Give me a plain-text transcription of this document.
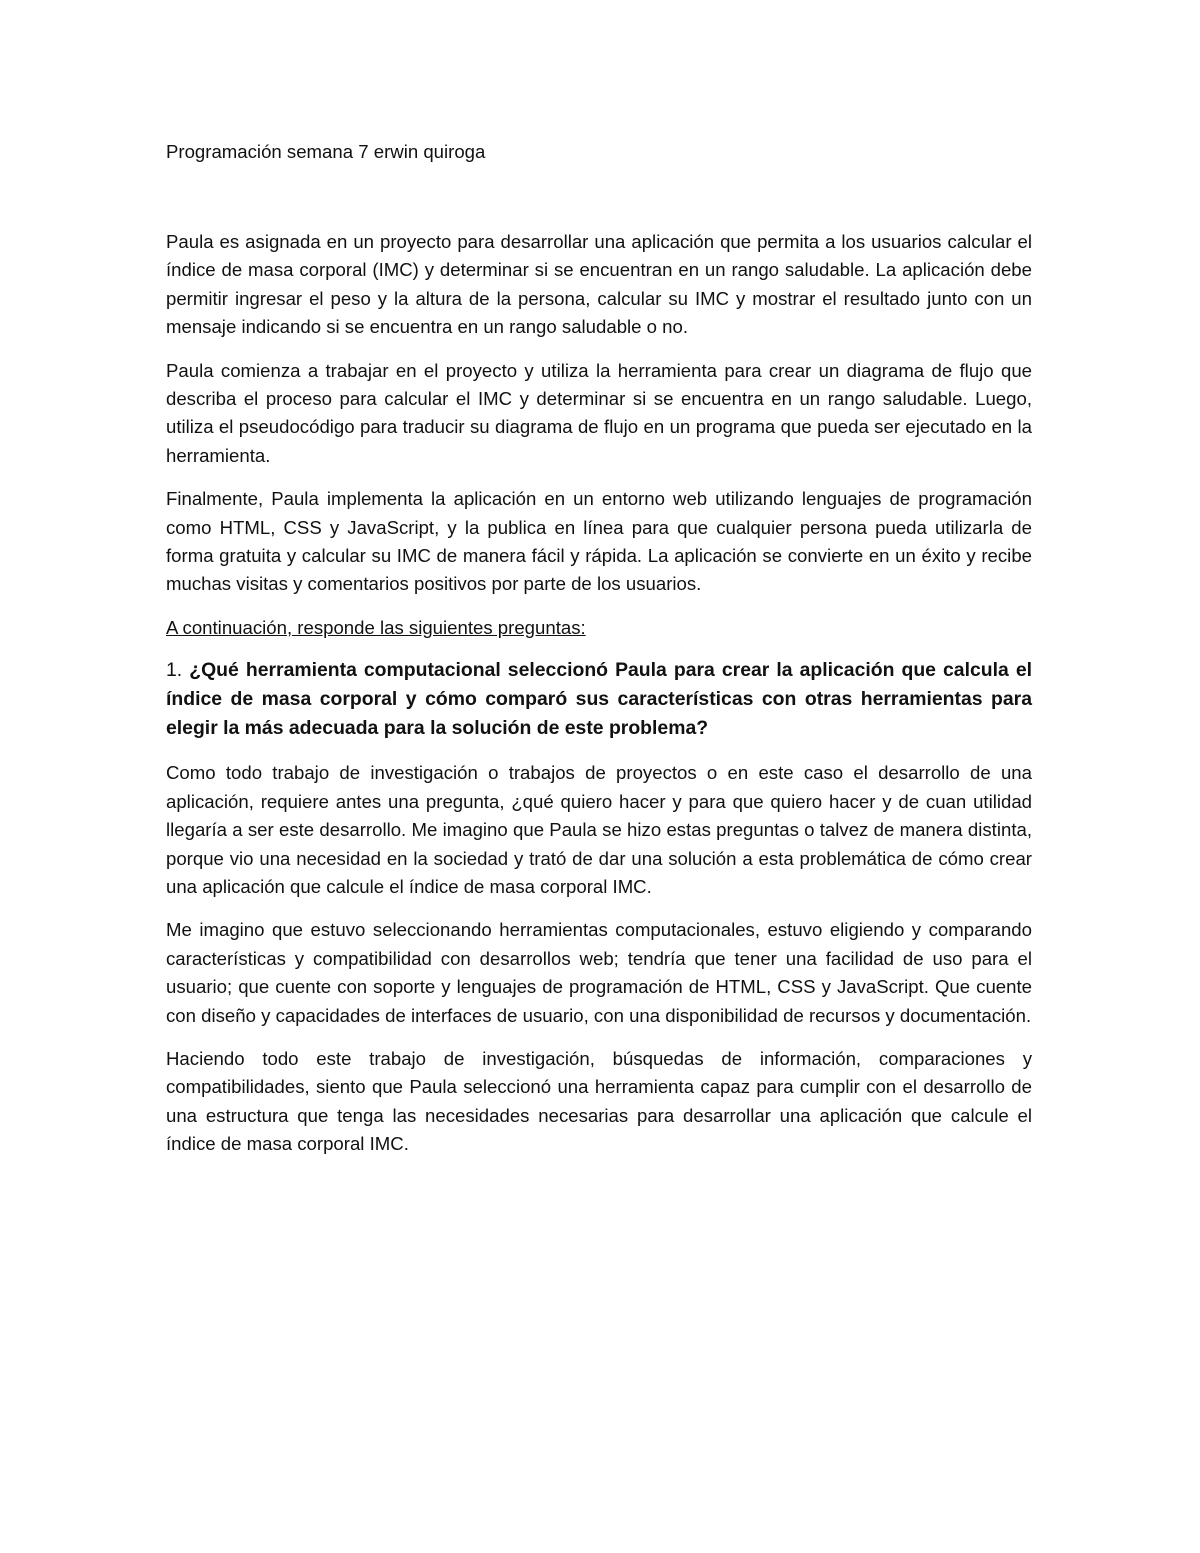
Programación semana 7 erwin quiroga

Paula es asignada en un proyecto para desarrollar una aplicación que permita a los usuarios calcular el índice de masa corporal (IMC) y determinar si se encuentran en un rango saludable. La aplicación debe permitir ingresar el peso y la altura de la persona, calcular su IMC y mostrar el resultado junto con un mensaje indicando si se encuentra en un rango saludable o no.

Paula comienza a trabajar en el proyecto y utiliza la herramienta para crear un diagrama de flujo que describa el proceso para calcular el IMC y determinar si se encuentra en un rango saludable. Luego, utiliza el pseudocódigo para traducir su diagrama de flujo en un programa que pueda ser ejecutado en la herramienta.

Finalmente, Paula implementa la aplicación en un entorno web utilizando lenguajes de programación como HTML, CSS y JavaScript, y la publica en línea para que cualquier persona pueda utilizarla de forma gratuita y calcular su IMC de manera fácil y rápida. La aplicación se convierte en un éxito y recibe muchas visitas y comentarios positivos por parte de los usuarios.

A continuación, responde las siguientes preguntas:

1. ¿Qué herramienta computacional seleccionó Paula para crear la aplicación que calcula el índice de masa corporal y cómo comparó sus características con otras herramientas para elegir la más adecuada para la solución de este problema?

Como todo trabajo de investigación o trabajos de proyectos o en este caso el desarrollo de una aplicación, requiere antes una pregunta, ¿qué quiero hacer y para que quiero hacer y de cuan utilidad llegaría a ser este desarrollo. Me imagino que Paula se hizo estas preguntas o talvez de manera distinta, porque vio una necesidad en la sociedad y trató de dar una solución a esta problemática de cómo crear una aplicación que calcule el índice de masa corporal IMC.

Me imagino que estuvo seleccionando herramientas computacionales, estuvo eligiendo y comparando características y compatibilidad con desarrollos web; tendría que tener una facilidad de uso para el usuario; que cuente con soporte y lenguajes de programación de HTML, CSS y JavaScript. Que cuente con diseño y capacidades de interfaces de usuario, con una disponibilidad de recursos y documentación.

Haciendo todo este trabajo de investigación, búsquedas de información, comparaciones y compatibilidades, siento que Paula seleccionó una herramienta capaz para cumplir con el desarrollo de una estructura que tenga las necesidades necesarias para desarrollar una aplicación que calcule el índice de masa corporal IMC.
